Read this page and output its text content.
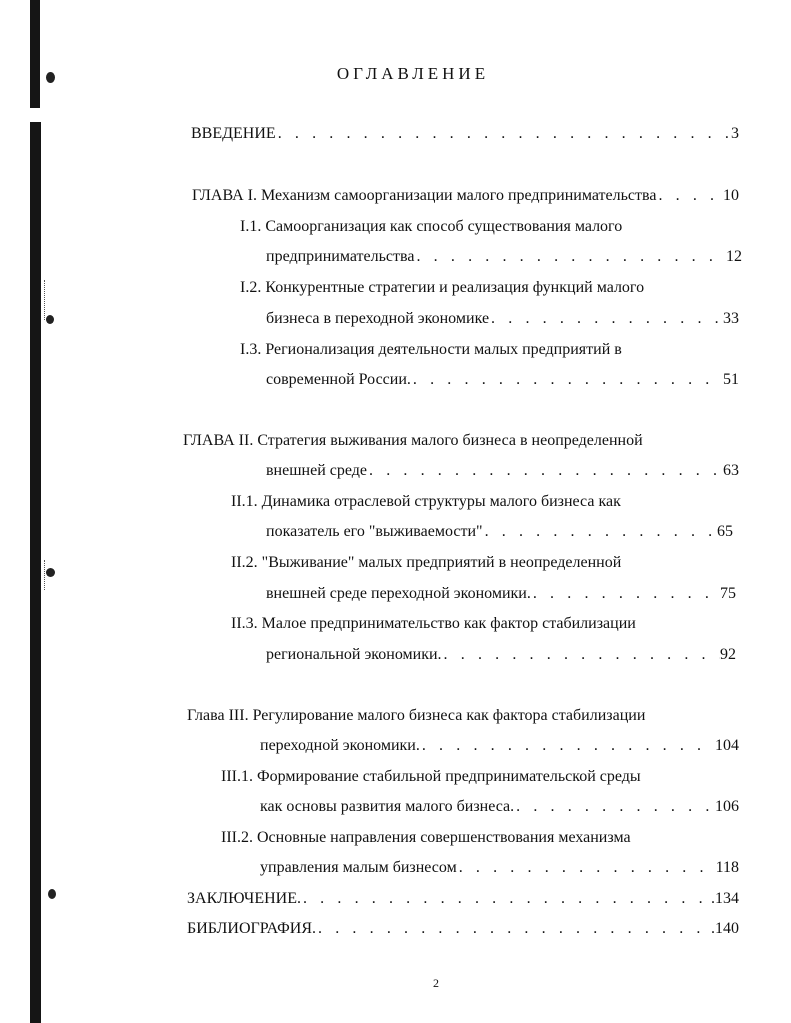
ОГЛАВЛЕНИЕ
ВВЕДЕНИЕ . . .	3
ГЛАВА I. Механизм самоорганизации малого предпринимательства . . .	10
I.1. Самоорганизация как способ существования малого
предпринимательства . . .	12
I.2. Конкурентные стратегии и реализация функций малого
бизнеса в переходной экономике . . .	33
I.3. Регионализация деятельности малых предприятий в
современной России. . . .	51
ГЛАВА II. Стратегия выживания малого бизнеса в неопределенной
внешней среде . . .	63
II.1. Динамика отраслевой структуры малого бизнеса как
показатель его "выживаемости" . . .	65
II.2. "Выживание" малых предприятий в неопределенной
внешней среде переходной экономики. . . .	75
II.3. Малое предпринимательство как фактор стабилизации
региональной экономики. . . .	92
Глава III. Регулирование малого бизнеса как фактора стабилизации
переходной экономики. . . .	104
III.1. Формирование стабильной предпринимательской среды
как основы развития малого бизнеса. . . .	106
III.2. Основные направления совершенствования механизма
управления малым бизнесом . . .	118
ЗАКЛЮЧЕНИЕ. . . .	.134
БИБЛИОГРАФИЯ. . . .	.140
2
